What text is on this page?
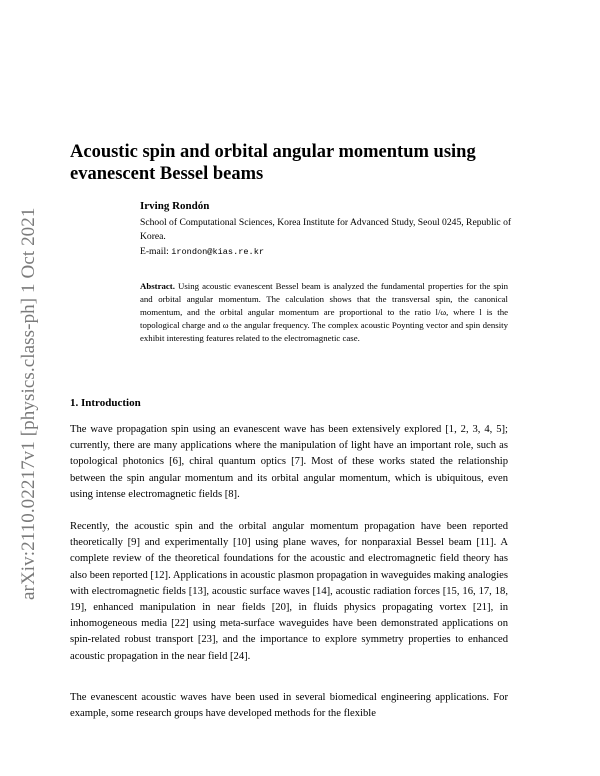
arXiv:2110.02217v1 [physics.class-ph] 1 Oct 2021
Acoustic spin and orbital angular momentum using evanescent Bessel beams
Irving Rondón
School of Computational Sciences, Korea Institute for Advanced Study, Seoul 0245, Republic of Korea.
E-mail: irondon@kias.re.kr
Abstract. Using acoustic evanescent Bessel beam is analyzed the fundamental properties for the spin and orbital angular momentum. The calculation shows that the transversal spin, the canonical momentum, and the orbital angular momentum are proportional to the ratio l/ω, where l is the topological charge and ω the angular frequency. The complex acoustic Poynting vector and spin density exhibit interesting features related to the electromagnetic case.
1. Introduction
The wave propagation spin using an evanescent wave has been extensively explored [1, 2, 3, 4, 5]; currently, there are many applications where the manipulation of light have an important role, such as topological photonics [6], chiral quantum optics [7]. Most of these works stated the relationship between the spin angular momentum and its orbital angular momentum, which is ubiquitous, even using intense electromagnetic fields [8].
Recently, the acoustic spin and the orbital angular momentum propagation have been reported theoretically [9] and experimentally [10] using plane waves, for nonparaxial Bessel beam [11]. A complete review of the theoretical foundations for the acoustic and electromagnetic field theory has also been reported [12]. Applications in acoustic plasmon propagation in waveguides making analogies with electromagnetic fields [13], acoustic surface waves [14], acoustic radiation forces [15, 16, 17, 18, 19], enhanced manipulation in near fields [20], in fluids physics propagating vortex [21], in inhomogeneous media [22] using meta-surface waveguides have been demonstrated applications on spin-related robust transport [23], and the importance to explore symmetry properties to enhanced acoustic propagation in the near field [24].
The evanescent acoustic waves have been used in several biomedical engineering applications. For example, some research groups have developed methods for the flexible
